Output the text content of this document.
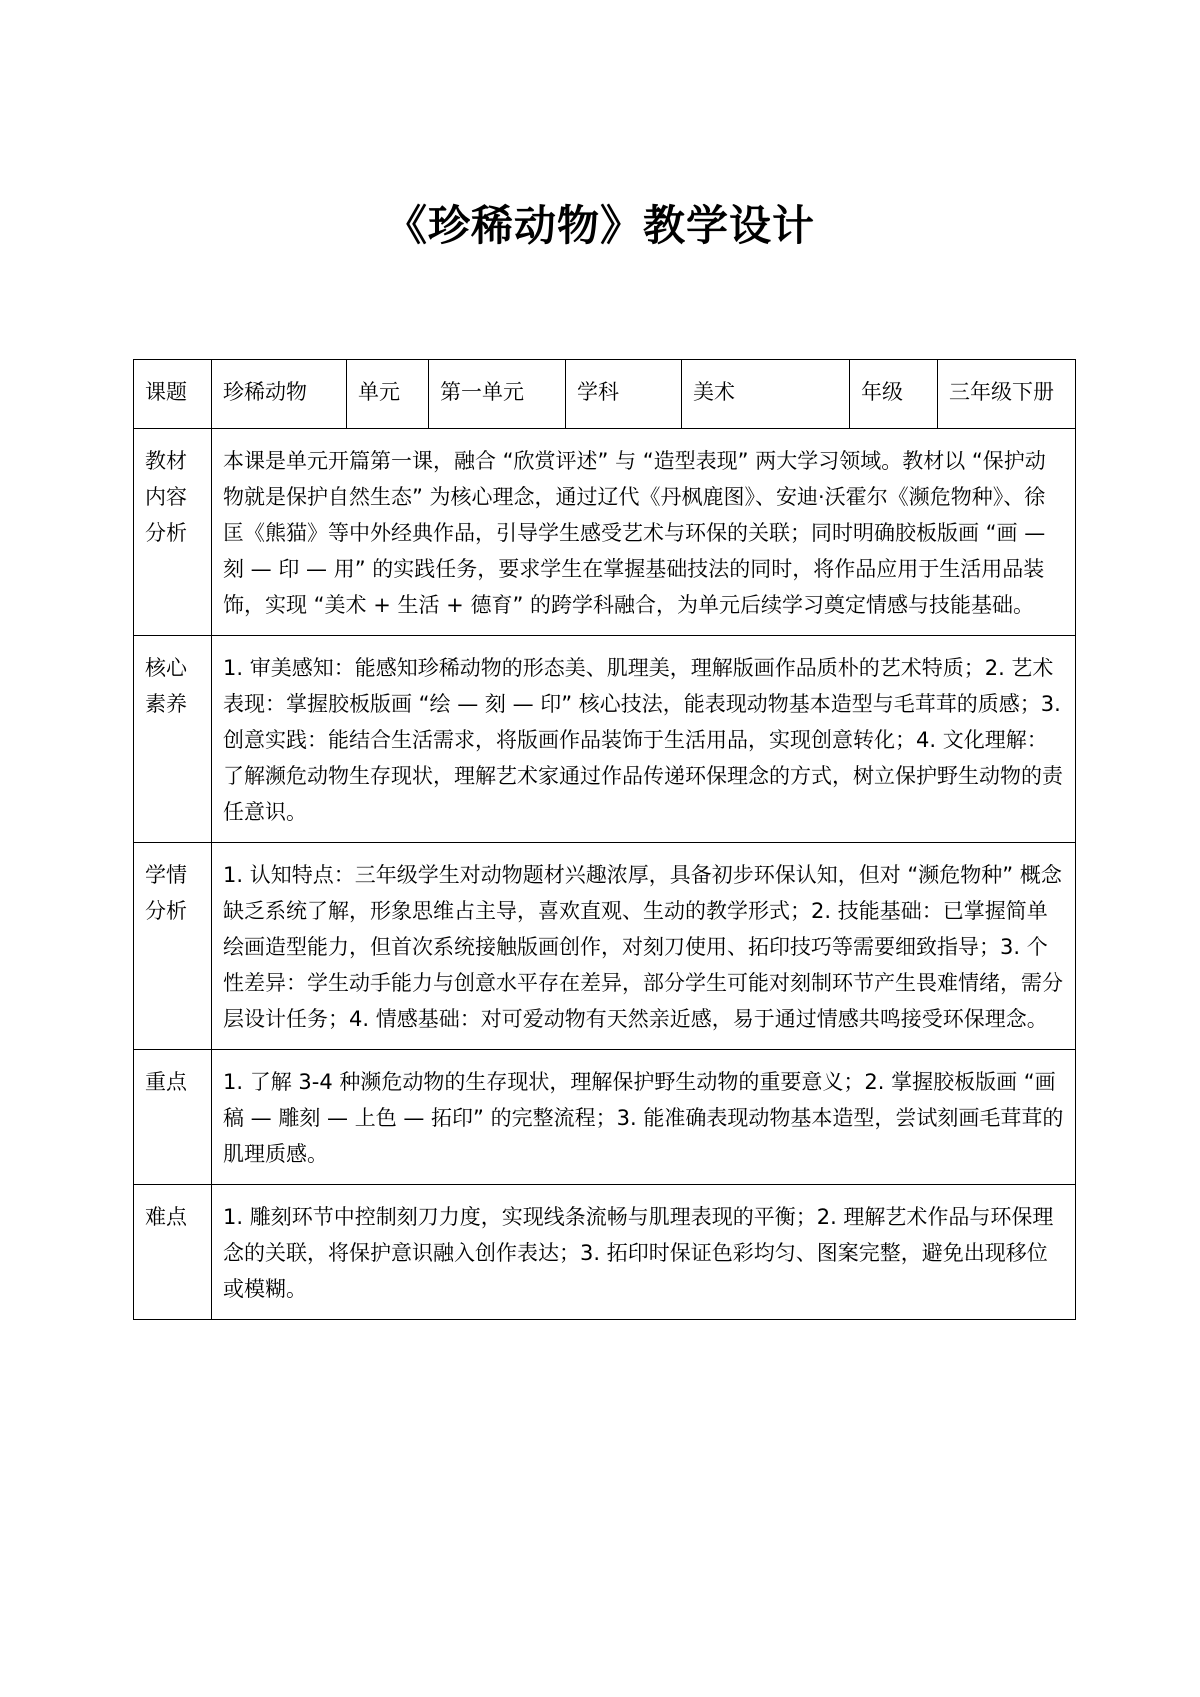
《珍稀动物》教学设计
课题	珍稀动物	单元	第一单元	学科	美术	年级	三年级下册

教材内容分析	本课是单元开篇第一课，融合 “欣赏评述” 与 “造型表现” 两大学习领域。教材以 “保护动物就是保护自然生态” 为核心理念，通过辽代《丹枫鹿图》、安迪·沃霍尔《濒危物种》、徐匡《熊猫》等中外经典作品，引导学生感受艺术与环保的关联；同时明确胶板版画 “画 — 刻 — 印 — 用” 的实践任务，要求学生在掌握基础技法的同时，将作品应用于生活用品装饰，实现 “美术 + 生活 + 德育” 的跨学科融合，为单元后续学习奠定情感与技能基础。						

核心素养	1. 审美感知：能感知珍稀动物的形态美、肌理美，理解版画作品质朴的艺术特质；2. 艺术表现：掌握胶板版画 “绘 — 刻 — 印” 核心技法，能表现动物基本造型与毛茸茸的质感；3. 创意实践：能结合生活需求，将版画作品装饰于生活用品，实现创意转化；4. 文化理解：了解濒危动物生存现状，理解艺术家通过作品传递环保理念的方式，树立保护野生动物的责任意识。						

学情分析	1. 认知特点：三年级学生对动物题材兴趣浓厚，具备初步环保认知，但对 “濒危物种” 概念缺乏系统了解，形象思维占主导，喜欢直观、生动的教学形式；2. 技能基础：已掌握简单绘画造型能力，但首次系统接触版画创作，对刻刀使用、拓印技巧等需要细致指导；3. 个性差异：学生动手能力与创意水平存在差异，部分学生可能对刻制环节产生畏难情绪，需分层设计任务；4. 情感基础：对可爱动物有天然亲近感，易于通过情感共鸣接受环保理念。						

重点	1. 了解 3-4 种濒危动物的生存现状，理解保护野生动物的重要意义；2. 掌握胶板版画 “画稿 — 雕刻 — 上色 — 拓印” 的完整流程；3. 能准确表现动物基本造型，尝试刻画毛茸茸的肌理质感。						

难点	1. 雕刻环节中控制刻刀力度，实现线条流畅与肌理表现的平衡；2. 理解艺术作品与环保理念的关联，将保护意识融入创作表达；3. 拓印时保证色彩均匀、图案完整，避免出现移位或模糊。						
